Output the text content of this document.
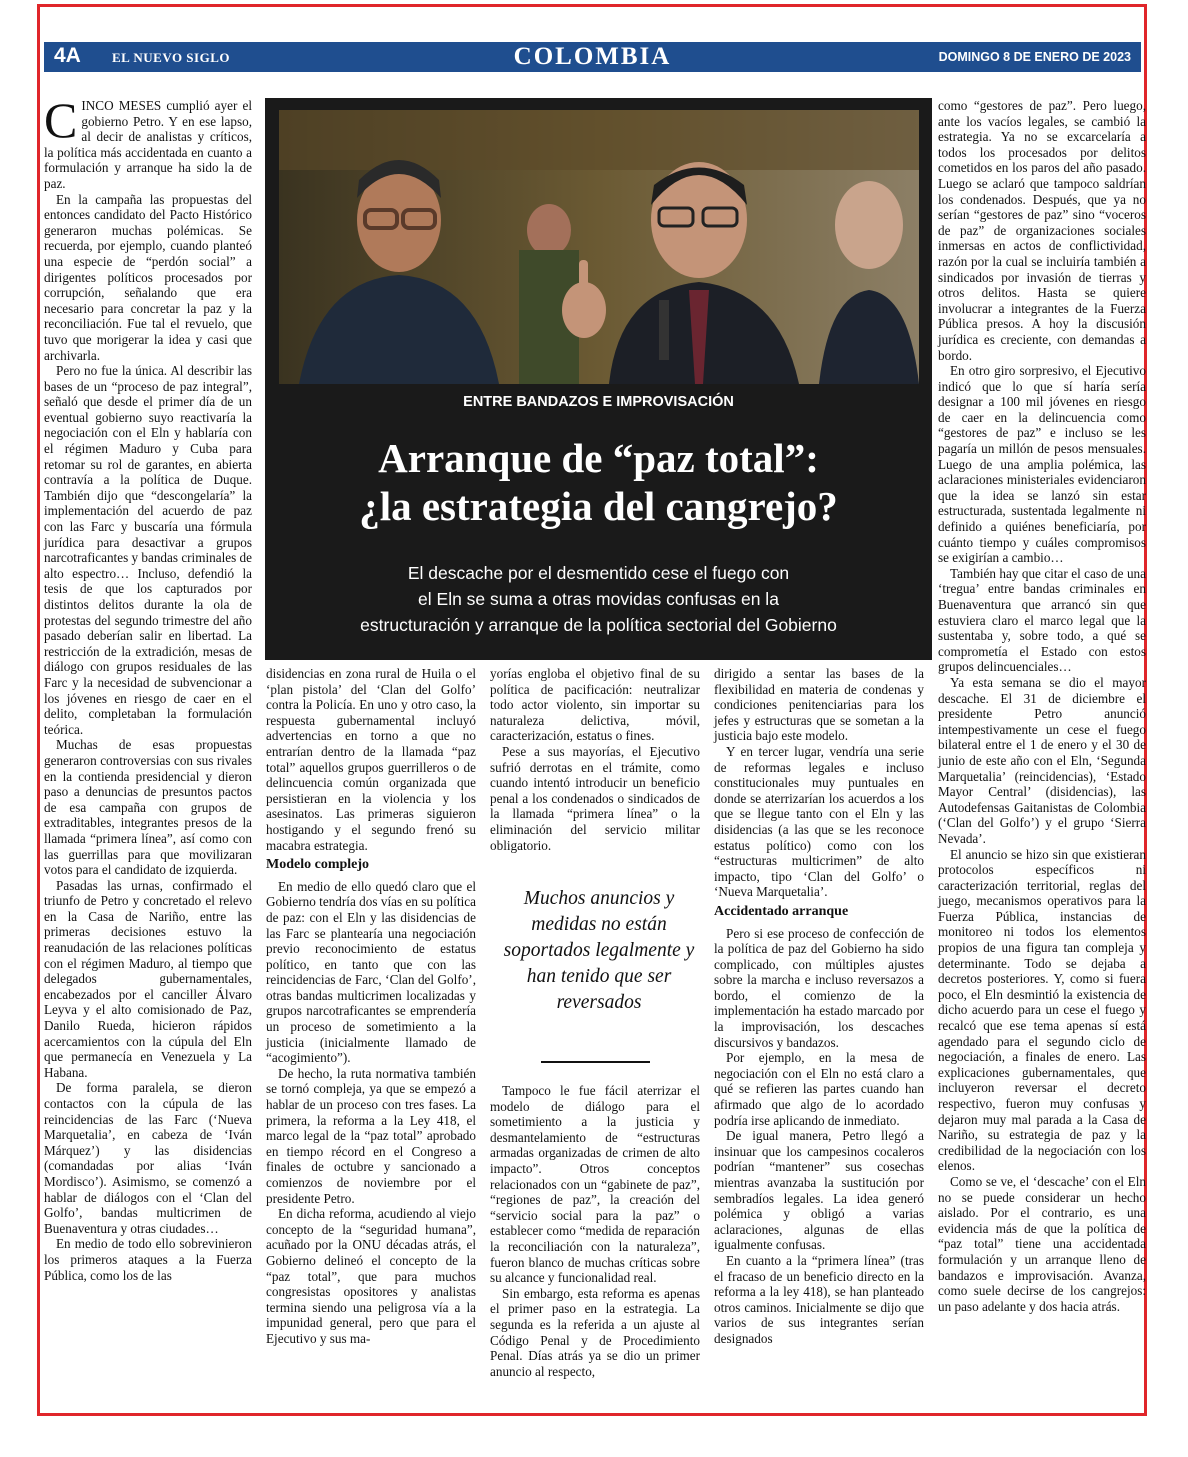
4A EL NUEVO SIGLO	COLOMBIA	DOMINGO 8 DE ENERO DE 2023

CINCO MESES cumplió ayer el gobierno Petro. Y en ese lapso, al decir de analistas y críticos, la política más accidentada en cuanto a formulación y arranque ha sido la de paz.

En la campaña las propuestas del entonces candidato del Pacto Histórico generaron muchas polémicas. Se recuerda, por ejemplo, cuando planteó una especie de “perdón social” a dirigentes políticos procesados por corrupción, señalando que era necesario para concretar la paz y la reconciliación. Fue tal el revuelo, que tuvo que morigerar la idea y casi que archivarla.

Pero no fue la única. Al describir las bases de un “proceso de paz integral”, señaló que desde el primer día de un eventual gobierno suyo reactivaría la negociación con el Eln y hablaría con el régimen Maduro y Cuba para retomar su rol de garantes, en abierta contravía a la política de Duque. También dijo que “descongelaría” la implementación del acuerdo de paz con las Farc y buscaría una fórmula jurídica para desactivar a grupos narcotraficantes y bandas criminales de alto espectro… Incluso, defendió la tesis de que los capturados por distintos delitos durante la ola de protestas del segundo trimestre del año pasado deberían salir en libertad. La restricción de la extradición, mesas de diálogo con grupos residuales de las Farc y la necesidad de subvencionar a los jóvenes en riesgo de caer en el delito, completaban la formulación teórica.

Muchas de esas propuestas generaron controversias con sus rivales en la contienda presidencial y dieron paso a denuncias de presuntos pactos de esa campaña con grupos de extraditables, integrantes presos de la llamada “primera línea”, así como con las guerrillas para que movilizaran votos para el candidato de izquierda.

Pasadas las urnas, confirmado el triunfo de Petro y concretado el relevo en la Casa de Nariño, entre las primeras decisiones estuvo la reanudación de las relaciones políticas con el régimen Maduro, al tiempo que delegados gubernamentales, encabezados por el canciller Álvaro Leyva y el alto comisionado de Paz, Danilo Rueda, hicieron rápidos acercamientos con la cúpula del Eln que permanecía en Venezuela y La Habana.

De forma paralela, se dieron contactos con la cúpula de las reincidencias de las Farc (‘Nueva Marquetalia’, en cabeza de ‘Iván Márquez’) y las disidencias (comandadas por alias ‘Iván Mordisco’). Asimismo, se comenzó a hablar de diálogos con el ‘Clan del Golfo’, bandas multicrimen de Buenaventura y otras ciudades…

En medio de todo ello sobrevinieron los primeros ataques a la Fuerza Pública, como los de las

ENTRE BANDAZOS E IMPROVISACIÓN
Arranque de “paz total”:
¿la estrategia del cangrejo?
El descache por el desmentido cese el fuego con
el Eln se suma a otras movidas confusas en la
estructuración y arranque de la política sectorial del Gobierno

disidencias en zona rural de Huila o el ‘plan pistola’ del ‘Clan del Golfo’ contra la Policía. En uno y otro caso, la respuesta gubernamental incluyó advertencias en torno a que no entrarían dentro de la llamada “paz total” aquellos grupos guerrilleros o de delincuencia común organizada que persistieran en la violencia y los asesinatos. Las primeras siguieron hostigando y el segundo frenó su macabra estrategia.

Modelo complejo

En medio de ello quedó claro que el Gobierno tendría dos vías en su política de paz: con el Eln y las disidencias de las Farc se plantearía una negociación previo reconocimiento de estatus político, en tanto que con las reincidencias de Farc, ‘Clan del Golfo’, otras bandas multicrimen localizadas y grupos narcotraficantes se emprendería un proceso de sometimiento a la justicia (inicialmente llamado de “acogimiento”).

De hecho, la ruta normativa también se tornó compleja, ya que se empezó a hablar de un proceso con tres fases. La primera, la reforma a la Ley 418, el marco legal de la “paz total” aprobado en tiempo récord en el Congreso a finales de octubre y sancionado a comienzos de noviembre por el presidente Petro.

En dicha reforma, acudiendo al viejo concepto de la “seguridad humana”, acuñado por la ONU décadas atrás, el Gobierno delineó el concepto de la “paz total”, que para muchos congresistas opositores y analistas termina siendo una peligrosa vía a la impunidad general, pero que para el Ejecutivo y sus ma-

yorías engloba el objetivo final de su política de pacificación: neutralizar todo actor violento, sin importar su naturaleza delictiva, móvil, caracterización, estatus o fines.

Pese a sus mayorías, el Ejecutivo sufrió derrotas en el trámite, como cuando intentó introducir un beneficio penal a los condenados o sindicados de la llamada “primera línea” o la eliminación del servicio militar obligatorio.

Muchos anuncios y medidas no están soportados legalmente y han tenido que ser reversados

Tampoco le fue fácil aterrizar el modelo de diálogo para el sometimiento a la justicia y desmantelamiento de “estructuras armadas organizadas de crimen de alto impacto”. Otros conceptos relacionados con un “gabinete de paz”, “regiones de paz”, la creación del “servicio social para la paz” o establecer como “medida de reparación la reconciliación con la naturaleza”, fueron blanco de muchas críticas sobre su alcance y funcionalidad real.

Sin embargo, esta reforma es apenas el primer paso en la estrategia. La segunda es la referida a un ajuste al Código Penal y de Procedimiento Penal. Días atrás ya se dio un primer anuncio al respecto,

dirigido a sentar las bases de la flexibilidad en materia de condenas y condiciones penitenciarias para los jefes y estructuras que se sometan a la justicia bajo este modelo.

Y en tercer lugar, vendría una serie de reformas legales e incluso constitucionales muy puntuales en donde se aterrizarían los acuerdos a los que se llegue tanto con el Eln y las disidencias (a las que se les reconoce estatus político) como con los “estructuras multicrimen” de alto impacto, tipo ‘Clan del Golfo’ o ‘Nueva Marquetalia’.

Accidentado arranque

Pero si ese proceso de confección de la política de paz del Gobierno ha sido complicado, con múltiples ajustes sobre la marcha e incluso reversazos a bordo, el comienzo de la implementación ha estado marcado por la improvisación, los descaches discursivos y bandazos.

Por ejemplo, en la mesa de negociación con el Eln no está claro a qué se refieren las partes cuando han afirmado que algo de lo acordado podría irse aplicando de inmediato.

De igual manera, Petro llegó a insinuar que los campesinos cocaleros podrían “mantener” sus cosechas mientras avanzaba la sustitución por sembradíos legales. La idea generó polémica y obligó a varias aclaraciones, algunas de ellas igualmente confusas.

En cuanto a la “primera línea” (tras el fracaso de un beneficio directo en la reforma a la ley 418), se han planteado otros caminos. Inicialmente se dijo que varios de sus integrantes serían designados

como “gestores de paz”. Pero luego, ante los vacíos legales, se cambió la estrategia. Ya no se excarcelaría a todos los procesados por delitos cometidos en los paros del año pasado. Luego se aclaró que tampoco saldrían los condenados. Después, que ya no serían “gestores de paz” sino “voceros de paz” de organizaciones sociales inmersas en actos de conflictividad, razón por la cual se incluiría también a sindicados por invasión de tierras y otros delitos. Hasta se quiere involucrar a integrantes de la Fuerza Pública presos. A hoy la discusión jurídica es creciente, con demandas a bordo.

En otro giro sorpresivo, el Ejecutivo indicó que lo que sí haría sería designar a 100 mil jóvenes en riesgo de caer en la delincuencia como “gestores de paz” e incluso se les pagaría un millón de pesos mensuales. Luego de una amplia polémica, las aclaraciones ministeriales evidenciaron que la idea se lanzó sin estar estructurada, sustentada legalmente ni definido a quiénes beneficiaría, por cuánto tiempo y cuáles compromisos se exigirían a cambio…

También hay que citar el caso de una ‘tregua’ entre bandas criminales en Buenaventura que arrancó sin que estuviera claro el marco legal que la sustentaba y, sobre todo, a qué se comprometía el Estado con estos grupos delincuenciales…

Ya esta semana se dio el mayor descache. El 31 de diciembre el presidente Petro anunció intempestivamente un cese el fuego bilateral entre el 1 de enero y el 30 de junio de este año con el Eln, ‘Segunda Marquetalia’ (reincidencias), ‘Estado Mayor Central’ (disidencias), las Autodefensas Gaitanistas de Colombia (‘Clan del Golfo’) y el grupo ‘Sierra Nevada’.

El anuncio se hizo sin que existieran protocolos específicos ni caracterización territorial, reglas del juego, mecanismos operativos para la Fuerza Pública, instancias de monitoreo ni todos los elementos propios de una figura tan compleja y determinante. Todo se dejaba a decretos posteriores. Y, como si fuera poco, el Eln desmintió la existencia de dicho acuerdo para un cese el fuego y recalcó que ese tema apenas sí está agendado para el segundo ciclo de negociación, a finales de enero. Las explicaciones gubernamentales, que incluyeron reversar el decreto respectivo, fueron muy confusas y dejaron muy mal parada a la Casa de Nariño, su estrategia de paz y la credibilidad de la negociación con los elenos.

Como se ve, el ‘descache’ con el Eln no se puede considerar un hecho aislado. Por el contrario, es una evidencia más de que la política de “paz total” tiene una accidentada formulación y un arranque lleno de bandazos e improvisación. Avanza, como suele decirse de los cangrejos: un paso adelante y dos hacia atrás.
